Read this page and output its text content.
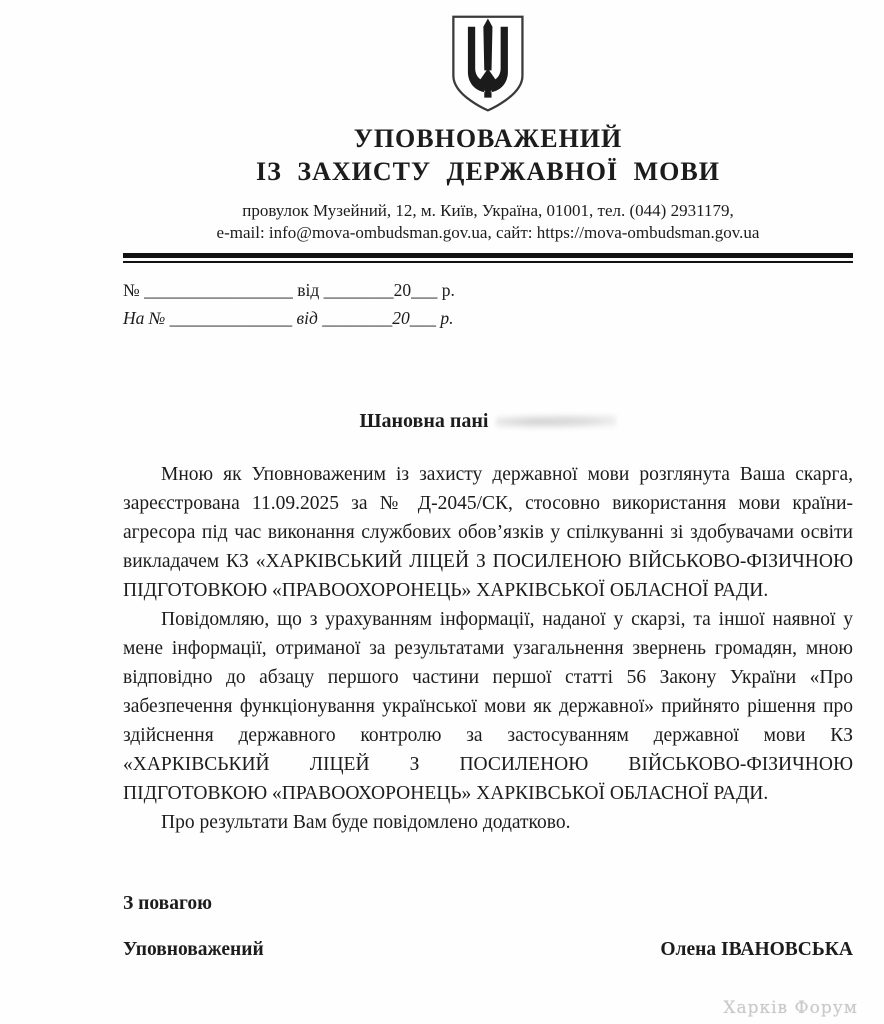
УПОВНОВАЖЕНИЙ
ІЗ ЗАХИСТУ ДЕРЖАВНОЇ МОВИ
провулок Музейний, 12, м. Київ, Україна, 01001, тел. (044) 2931179,
e-mail: info@mova-ombudsman.gov.ua, сайт: https://mova-ombudsman.gov.ua
№ _________________ від ________20___ р.
На № ______________ від ________20___ р.
Шановна пані

Мною як Уповноваженим із захисту державної мови розглянута Ваша скарга, зареєстрована 11.09.2025 за № Д-2045/СК, стосовно використання мови країни-агресора під час виконання службових обов’язків у спілкуванні зі здобувачами освіти викладачем КЗ «ХАРКІВСЬКИЙ ЛІЦЕЙ З ПОСИЛЕНОЮ ВІЙСЬКОВО-ФІЗИЧНОЮ ПІДГОТОВКОЮ «ПРАВООХОРОНЕЦЬ» ХАРКІВСЬКОЇ ОБЛАСНОЇ РАДИ.

Повідомляю, що з урахуванням інформації, наданої у скарзі, та іншої наявної у мене інформації, отриманої за результатами узагальнення звернень громадян, мною відповідно до абзацу першого частини першої статті 56 Закону України «Про забезпечення функціонування української мови як державної» прийнято рішення про здійснення державного контролю за застосуванням державної мови КЗ «ХАРКІВСЬКИЙ ЛІЦЕЙ З ПОСИЛЕНОЮ ВІЙСЬКОВО-ФІЗИЧНОЮ ПІДГОТОВКОЮ «ПРАВООХОРОНЕЦЬ» ХАРКІВСЬКОЇ ОБЛАСНОЇ РАДИ.

Про результати Вам буде повідомлено додатково.

З повагою
Уповноважений	Олена ІВАНОВСЬКА
Харків Форум
